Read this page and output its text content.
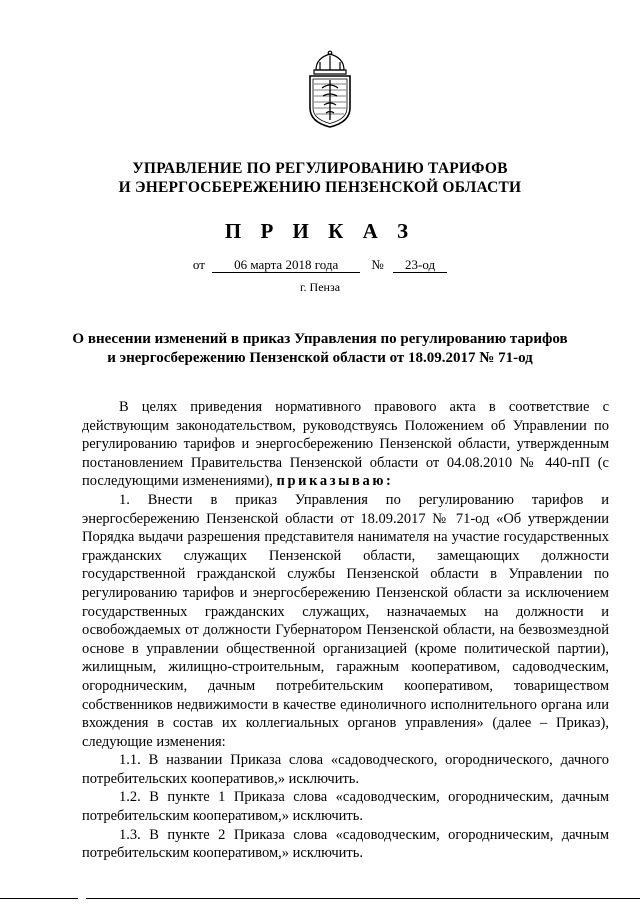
УПРАВЛЕНИЕ ПО РЕГУЛИРОВАНИЮ ТАРИФОВ
И ЭНЕРГОСБЕРЕЖЕНИЮ ПЕНЗЕНСКОЙ ОБЛАСТИ
П Р И К А З
от 06 марта 2018 года	№ 23-од
г. Пенза
О внесении изменений в приказ Управления по регулированию тарифов
и энергосбережению Пензенской области от 18.09.2017 № 71-од

В целях приведения нормативного правового акта в соответствие с действующим законодательством, руководствуясь Положением об Управлении по регулированию тарифов и энергосбережению Пензенской области, утвержденным постановлением Правительства Пензенской области от 04.08.2010 № 440-пП (с последующими изменениями), приказываю:

1. Внести в приказ Управления по регулированию тарифов и энергосбережению Пензенской области от 18.09.2017 № 71-од «Об утверждении Порядка выдачи разрешения представителя нанимателя на участие государственных гражданских служащих Пензенской области, замещающих должности государственной гражданской службы Пензенской области в Управлении по регулированию тарифов и энергосбережению Пензенской области за исключением государственных гражданских служащих, назначаемых на должности и освобождаемых от должности Губернатором Пензенской области, на безвозмездной основе в управлении общественной организацией (кроме политической партии), жилищным, жилищно-строительным, гаражным кооперативом, садоводческим, огородническим, дачным потребительским кооперативом, товариществом собственников недвижимости в качестве единоличного исполнительного органа или вхождения в состав их коллегиальных органов управления» (далее – Приказ), следующие изменения:

1.1. В названии Приказа слова «садоводческого, огороднического, дачного потребительских кооперативов,» исключить.

1.2. В пункте 1 Приказа слова «садоводческим, огородническим, дачным потребительским кооперативом,» исключить.

1.3. В пункте 2 Приказа слова «садоводческим, огородническим, дачным потребительским кооперативом,» исключить.
